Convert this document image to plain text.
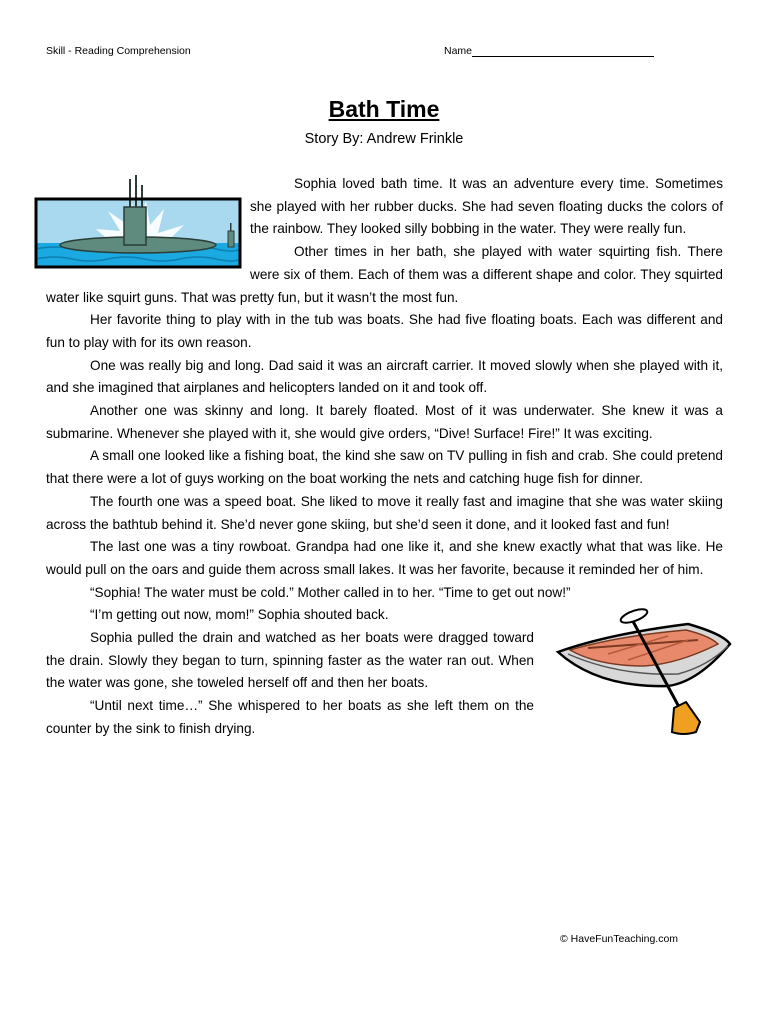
Skill - Reading Comprehension	Name
Bath Time
Story By: Andrew Frinkle

Sophia loved bath time. It was an adventure every time. Sometimes she played with her rubber ducks. She had seven floating ducks the colors of the rainbow. They looked silly bobbing in the water. They were really fun.

Other times in her bath, she played with water squirting fish. There were six of them. Each of them was a different shape and color. They squirted water like squirt guns. That was pretty fun, but it wasn’t the most fun.

Her favorite thing to play with in the tub was boats. She had five floating boats. Each was different and fun to play with for its own reason.

One was really big and long. Dad said it was an aircraft carrier. It moved slowly when she played with it, and she imagined that airplanes and helicopters landed on it and took off.

Another one was skinny and long. It barely floated. Most of it was underwater. She knew it was a submarine. Whenever she played with it, she would give orders, “Dive! Surface! Fire!” It was exciting.

A small one looked like a fishing boat, the kind she saw on TV pulling in fish and crab. She could pretend that there were a lot of guys working on the boat working the nets and catching huge fish for dinner.

The fourth one was a speed boat. She liked to move it really fast and imagine that she was water skiing across the bathtub behind it. She’d never gone skiing, but she’d seen it done, and it looked fast and fun!

The last one was a tiny rowboat. Grandpa had one like it, and she knew exactly what that was like. He would pull on the oars and guide them across small lakes. It was her favorite, because it reminded her of him.

“Sophia! The water must be cold.” Mother called in to her. “Time to get out now!”

“I’m getting out now, mom!” Sophia shouted back.

Sophia pulled the drain and watched as her boats were dragged toward the drain. Slowly they began to turn, spinning faster as the water ran out. When the water was gone, she toweled herself off and then her boats.

“Until next time…” She whispered to her boats as she left them on the counter by the sink to finish drying.

© HaveFunTeaching.com
